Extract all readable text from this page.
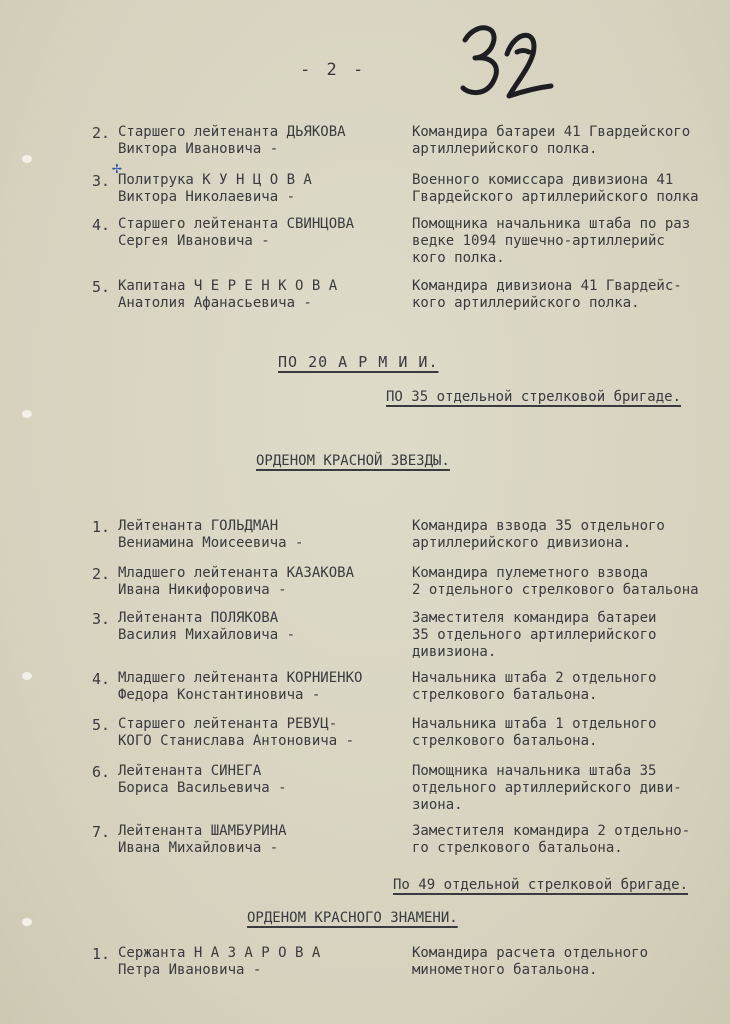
- 2 -
✢
2. Старшего лейтенанта ДЬЯКОВА
Виктора Ивановича -
Командира батареи 41 Гвардейского
артиллерийского полка.
3. Политрука К У Н Ц О В А
Виктора Николаевича -
Военного комиссара дивизиона 41
Гвардейского артиллерийского полка
4. Старшего лейтенанта СВИНЦОВА
Сергея Ивановича -
Помощника начальника штаба по раз
ведке 1094 пушечно-артиллерийс
кого полка.
5. Капитана Ч Е Р Е Н К О В А
Анатолия Афанасьевича -
Командира дивизиона 41 Гвардейс-
кого артиллерийского полка.
ПО 20 А Р М И И.
ПО 35 отдельной стрелковой бригаде.
ОРДЕНОМ КРАСНОЙ ЗВЕЗДЫ.
1. Лейтенанта ГОЛЬДМАН
Вениамина Моисеевича -
Командира взвода 35 отдельного
артиллерийского дивизиона.
2. Младшего лейтенанта КАЗАКОВА
Ивана Никифоровича -
Командира пулеметного взвода
2 отдельного стрелкового батальона
3. Лейтенанта ПОЛЯКОВА
Василия Михайловича -
Заместителя командира батареи
35 отдельного артиллерийского
дивизиона.
4. Младшего лейтенанта КОРНИЕНКО
Федора Константиновича -
Начальника штаба 2 отдельного
стрелкового батальона.
5. Старшего лейтенанта РЕВУЦ-
КОГО Станислава Антоновича -
Начальника штаба 1 отдельного
стрелкового батальона.
6. Лейтенанта СИНЕГА
Бориса Васильевича -
Помощника начальника штаба 35
отдельного артиллерийского диви-
зиона.
7. Лейтенанта ШАМБУРИНА
Ивана Михайловича -
Заместителя командира 2 отдельно-
го стрелкового батальона.
По 49 отдельной стрелковой бригаде.
ОРДЕНОМ КРАСНОГО ЗНАМЕНИ.
1. Сержанта Н А З А Р О В А
Петра Ивановича -
Командира расчета отдельного
минометного батальона.
